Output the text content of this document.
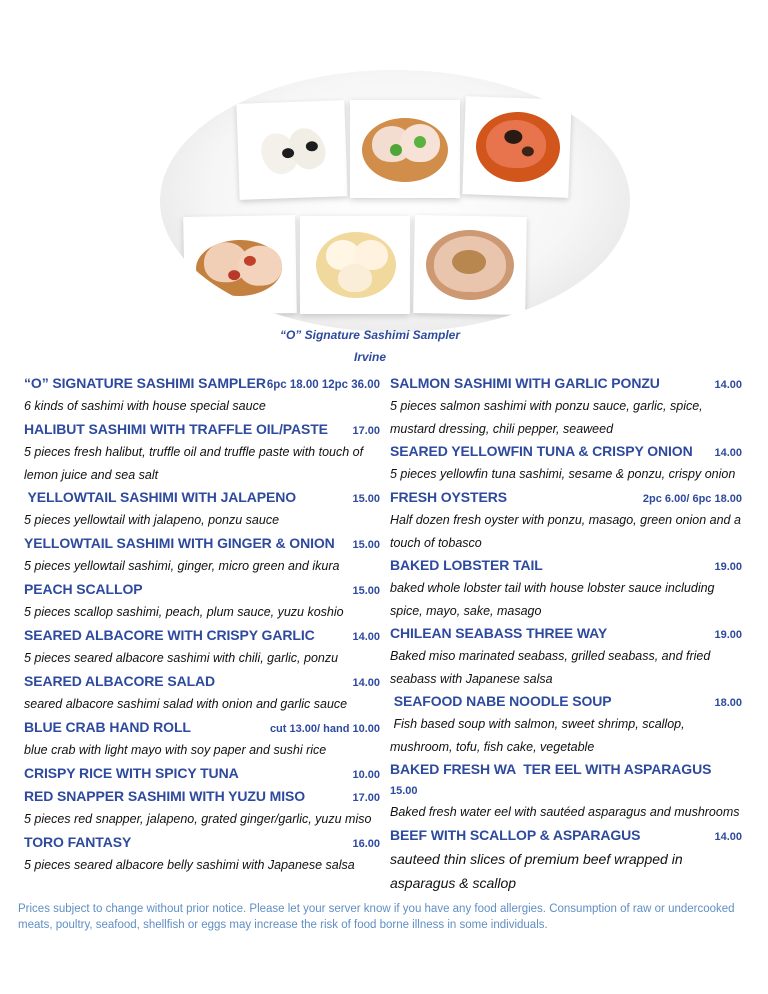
“O” Signature Sashimi Sampler
Irvine
“O” SIGNATURE SASHIMI SAMPLER 6pc 18.00 12pc 36.00
6 kinds of sashimi with house special sauce
HALIBUT SASHIMI WITH TRAFFLE OIL/PASTE 17.00
5 pieces fresh halibut, truffle oil and truffle paste with touch of lemon juice and sea salt
YELLOWTAIL SASHIMI WITH JALAPENO	15.00
5 pieces yellowtail with jalapeno, ponzu sauce
YELLOWTAIL SASHIMI WITH GINGER & ONION 15.00
5 pieces yellowtail sashimi, ginger, micro green and ikura
PEACH SCALLOP	15.00
5 pieces scallop sashimi, peach, plum sauce, yuzu koshio
SEARED ALBACORE WITH CRISPY GARLIC	14.00
5 pieces seared albacore sashimi with chili, garlic, ponzu
SEARED ALBACORE SALAD	14.00
seared albacore sashimi salad with onion and garlic sauce
BLUE CRAB HAND ROLL	cut 13.00/ hand 10.00
blue crab with light mayo with soy paper and sushi rice
CRISPY RICE WITH SPICY TUNA	10.00
RED SNAPPER SASHIMI WITH YUZU MISO	17.00
5 pieces red snapper, jalapeno, grated ginger/garlic, yuzu miso
TORO FANTASY	16.00
5 pieces seared albacore belly sashimi with Japanese salsa
SALMON SASHIMI WITH GARLIC PONZU	14.00
5 pieces salmon sashimi with ponzu sauce, garlic, spice, mustard dressing, chili pepper, seaweed
SEARED YELLOWFIN TUNA & CRISPY ONION 14.00
5 pieces yellowfin tuna sashimi, sesame & ponzu, crispy onion
FRESH OYSTERS	2pc 6.00/ 6pc 18.00
Half dozen fresh oyster with ponzu, masago, green onion and a touch of tobasco
BAKED LOBSTER TAIL	19.00
baked whole lobster tail with house lobster sauce including spice, mayo, sake, masago
CHILEAN SEABASS THREE WAY	19.00
Baked miso marinated seabass, grilled seabass, and fried seabass with Japanese salsa
SEAFOOD NABE NOODLE SOUP	18.00
Fish based soup with salmon, sweet shrimp, scallop, mushroom, tofu, fish cake, vegetable
BAKED FRESH WA  TER EEL WITH ASPARAGUS
15.00
Baked fresh water eel with sautéed asparagus and mushrooms
BEEF WITH SCALLOP & ASPARAGUS	14.00
sauteed thin slices of premium beef wrapped in asparagus & scallop
Prices subject to change without prior notice. Please let your server know if you have any food allergies. Consumption of raw or undercooked meats, poultry, seafood, shellfish or eggs may increase the risk of food borne illness in some individuals.
